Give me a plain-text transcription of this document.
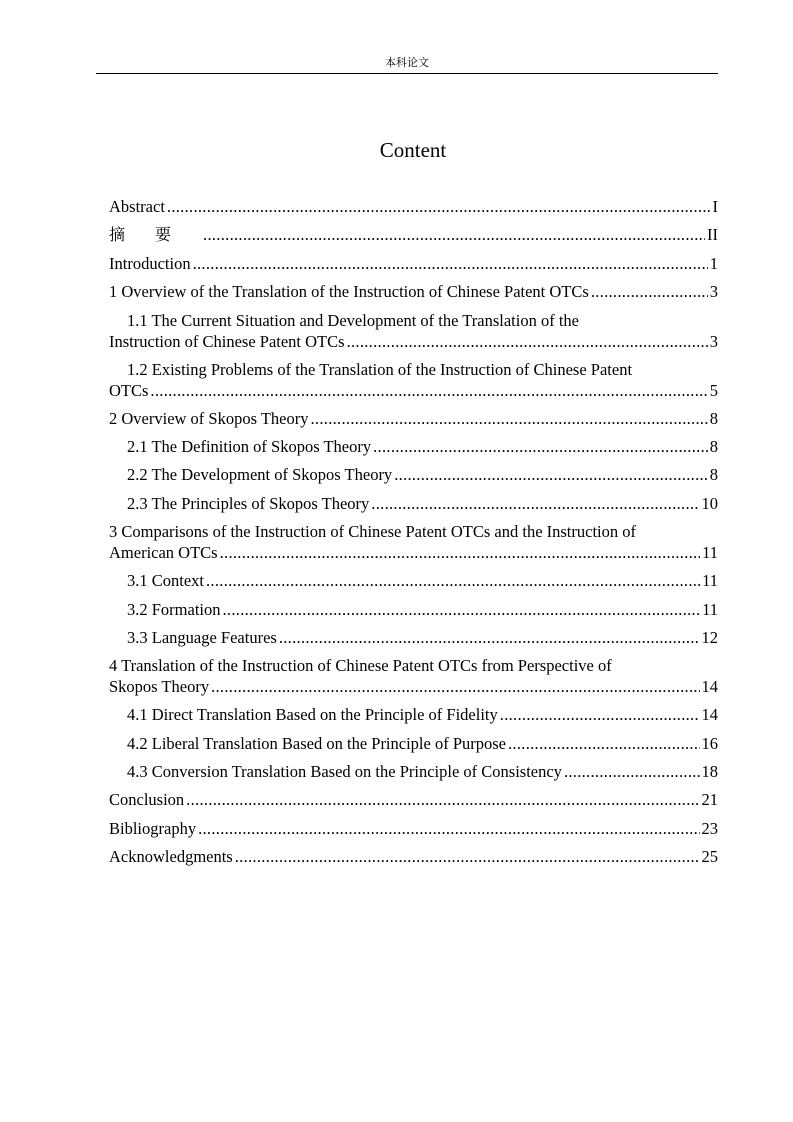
本科论文
Content
Abstract .....	I
摘要 .....	II
Introduction .....	1
1 Overview of the Translation of the Instruction of Chinese Patent OTCs .....	3
1.1 The Current Situation and Development of the Translation of the
Instruction of Chinese Patent OTCs .....	3
1.2 Existing Problems of the Translation of the Instruction of Chinese Patent
OTCs .....	5
2 Overview of Skopos Theory .....	8
2.1 The Definition of Skopos Theory .....	8
2.2 The Development of Skopos Theory .....	8
2.3 The Principles of Skopos Theory .....	10
3 Comparisons of the Instruction of Chinese Patent OTCs and the Instruction of
American OTCs .....	11
3.1 Context .....	11
3.2 Formation .....	11
3.3 Language Features .....	12
4 Translation of the Instruction of Chinese Patent OTCs from Perspective of
Skopos Theory .....	14
4.1 Direct Translation Based on the Principle of Fidelity .....	14
4.2 Liberal Translation Based on the Principle of Purpose .....	16
4.3 Conversion Translation Based on the Principle of Consistency .....	18
Conclusion .....	21
Bibliography .....	23
Acknowledgments .....	25
